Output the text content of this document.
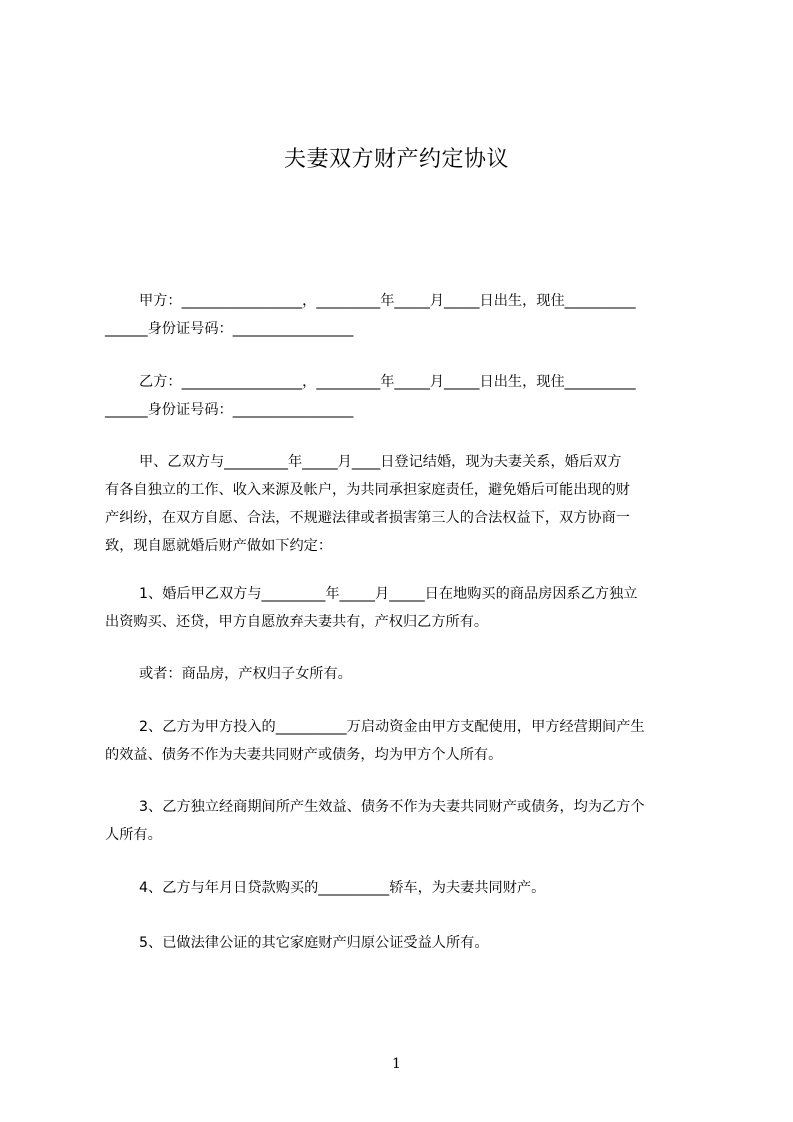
夫妻双方财产约定协议
甲方：_________________，_________年_____月_____日出生，现住__________
______身份证号码：_________________
乙方：_________________，_________年_____月_____日出生，现住__________
______身份证号码：_________________
甲、乙双方与_________年_____月____日登记结婚，现为夫妻关系，婚后双方
有各自独立的工作、收入来源及帐户，为共同承担家庭责任，避免婚后可能出现的财
产纠纷，在双方自愿、合法，不规避法律或者损害第三人的合法权益下，双方协商一
致，现自愿就婚后财产做如下约定：
1、婚后甲乙双方与_________年_____月_____日在地购买的商品房因系乙方独立
出资购买、还贷，甲方自愿放弃夫妻共有，产权归乙方所有。
或者：商品房，产权归子女所有。
2、乙方为甲方投入的__________万启动资金由甲方支配使用，甲方经营期间产生
的效益、债务不作为夫妻共同财产或债务，均为甲方个人所有。
3、乙方独立经商期间所产生效益、债务不作为夫妻共同财产或债务，均为乙方个
人所有。
4、乙方与年月日贷款购买的__________轿车，为夫妻共同财产。
5、已做法律公证的其它家庭财产归原公证受益人所有。
1
